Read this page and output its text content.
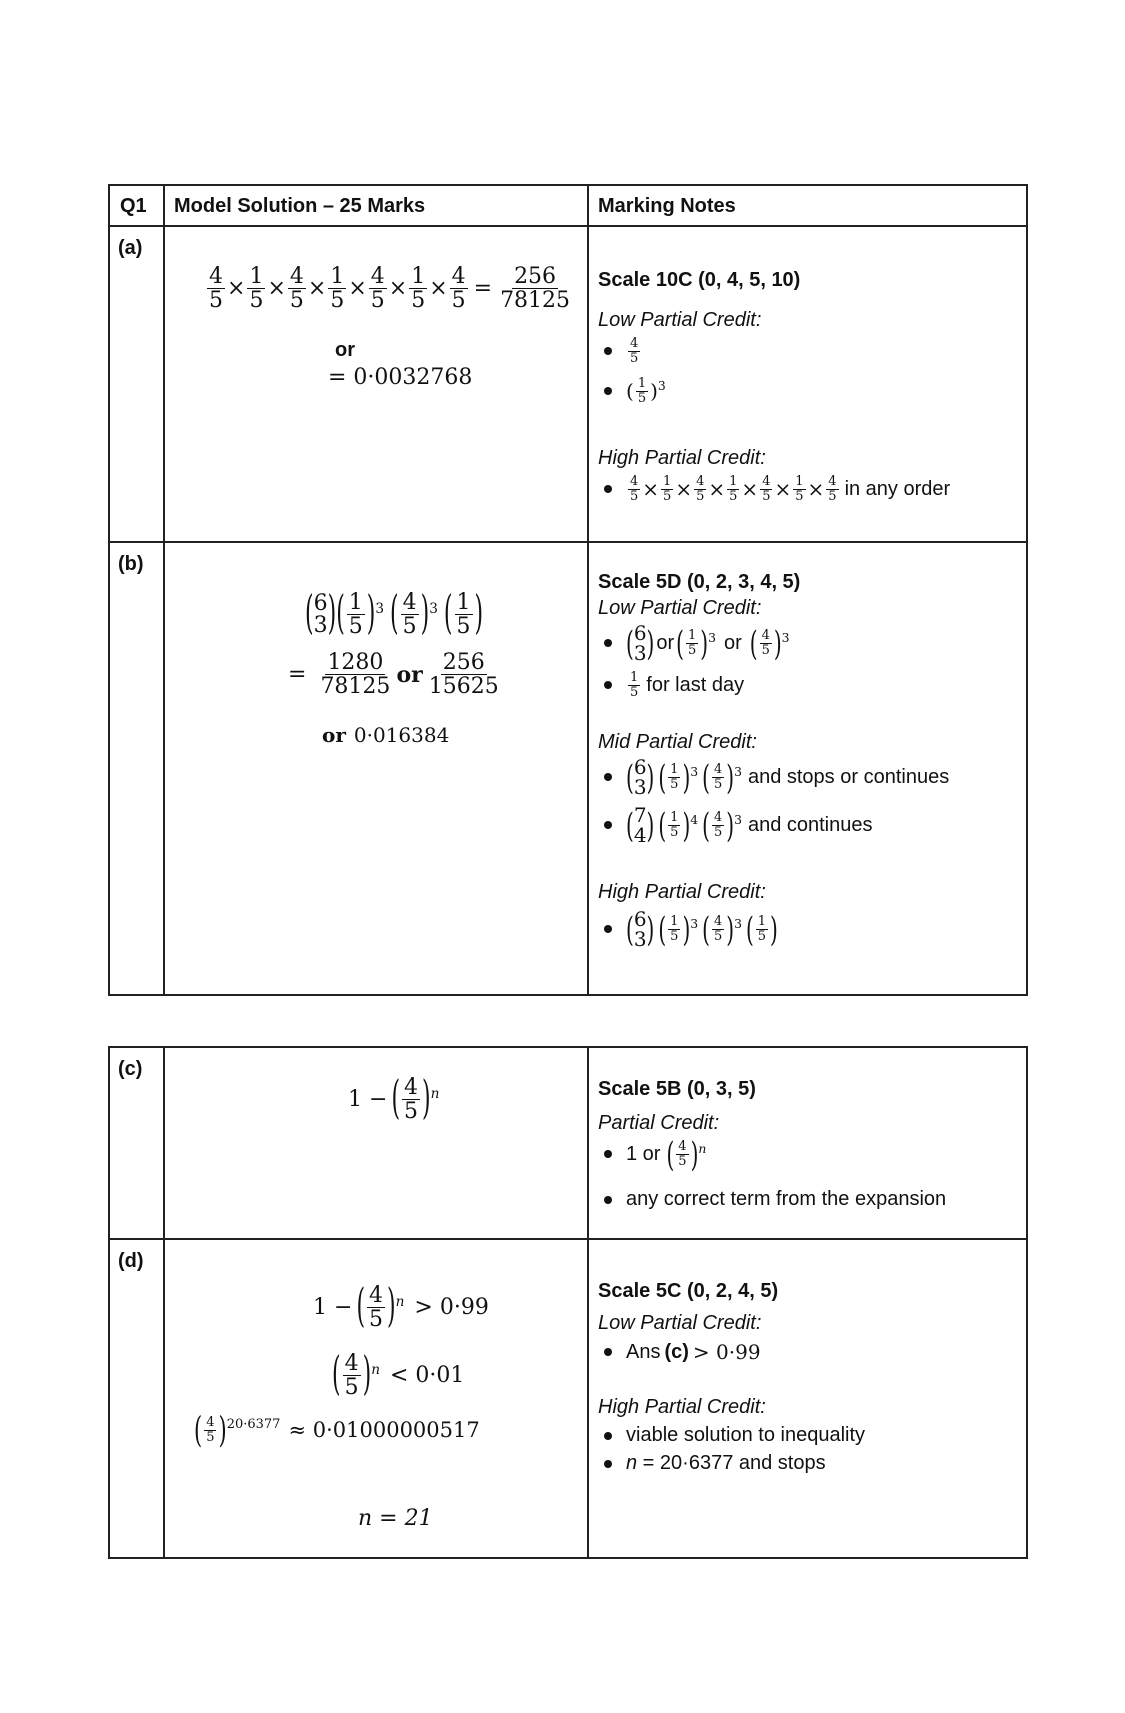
Q1 Model Solution – 25 Marks	Marking Notes
(a)
$\frac{4}{5} \times \frac{1}{5} \times \frac{4}{5} \times \frac{1}{5} \times \frac{4}{5} \times \frac{1}{5} \times \frac{4}{5} = \frac{256}{78125}$
or
= 0·0032768
Scale 10C (0, 4, 5, 10)
Low Partial Credit:
$\frac{4}{5}$
( $\frac{1}{5} )^3$
High Partial Credit:
$\frac{4}{5} \times \frac{1}{5} \times \frac{4}{5} \times \frac{1}{5} \times \frac{4}{5} \times \frac{1}{5} \times \frac{4}{5}$ in any order
(b)
( 6
3 ) ( $\frac{1}{5} )^3$ ( $\frac{4}{5} )^3$ ( $\frac{1}{5}$ )
= $\frac{1280}{78125}$ or $\frac{256}{15625}$
or 0·016384
Scale 5D (0, 2, 3, 4, 5)
Low Partial Credit:
( 6
3 ) or ( $\frac{1}{5} )^3$ or ( $\frac{4}{5} )^3$
$\frac{1}{5}$ for last day
Mid Partial Credit:
( 6
3 ) ( $\frac{1}{5} )^3$ ( $\frac{4}{5} )^3$ and stops or continues
( 7
4 ) ( $\frac{1}{5} )^4$ ( $\frac{4}{5} )^3$ and continues
High Partial Credit:
( 6
3 ) ( $\frac{1}{5} )^3$ ( $\frac{4}{5} )^3$ ( $\frac{1}{5}$ )
(c)
1 − ( $\frac{4}{5} )^n$	Scale 5B (0, 3, 5)
Partial Credit:
1 or ( $\frac{4}{5} )^n$
any correct term from the expansion
(d)
1 − ( $\frac{4}{5} )^n > 0\cdot 99$
( $\frac{4}{5} )^n < 0\cdot 01$
( $\frac{4}{5} )^{20\cdot 6377} \approx 0\cdot 01000000517$
n = 21
Scale 5C (0, 2, 4, 5)
Low Partial Credit:
Ans (c) > 0·99
High Partial Credit:
viable solution to inequality
n = 20·6377 and stops
